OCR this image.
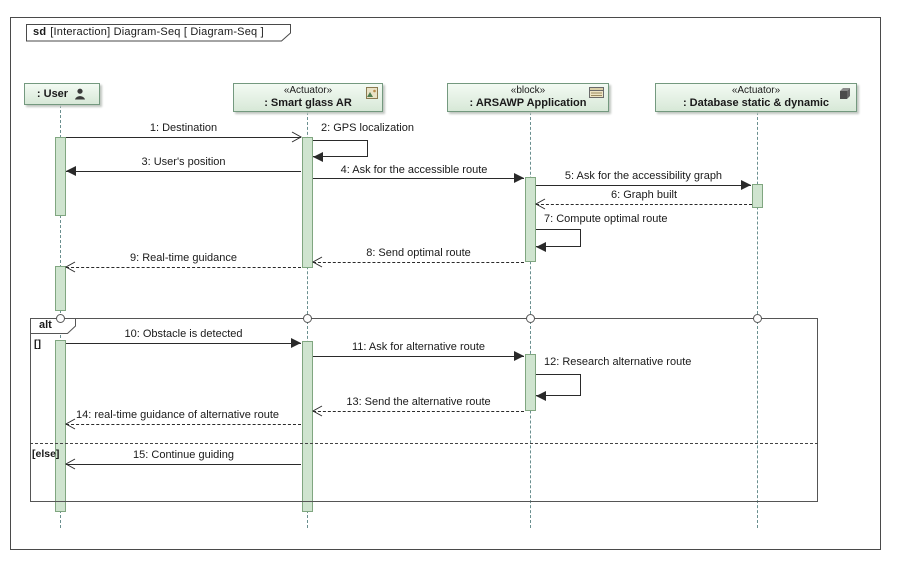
sd [Interaction] Diagram-Seq [ Diagram-Seq ]
: User	«Actuator»
: Smart glass AR
«block»
: ARSAWP Application
«Actuator»
: Database static & dynamic
1: Destination	2: GPS localization
3: User's position
4: Ask for the accessible route	5: Ask for the accessibility graph
6: Graph built
7: Compute optimal route
8: Send optimal route
9: Real-time guidance
alt
[]
[else]
10: Obstacle is detected
11: Ask for alternative route
12: Research alternative route
13: Send the alternative route
14: real-time guidance of alternative route
15: Continue guiding
